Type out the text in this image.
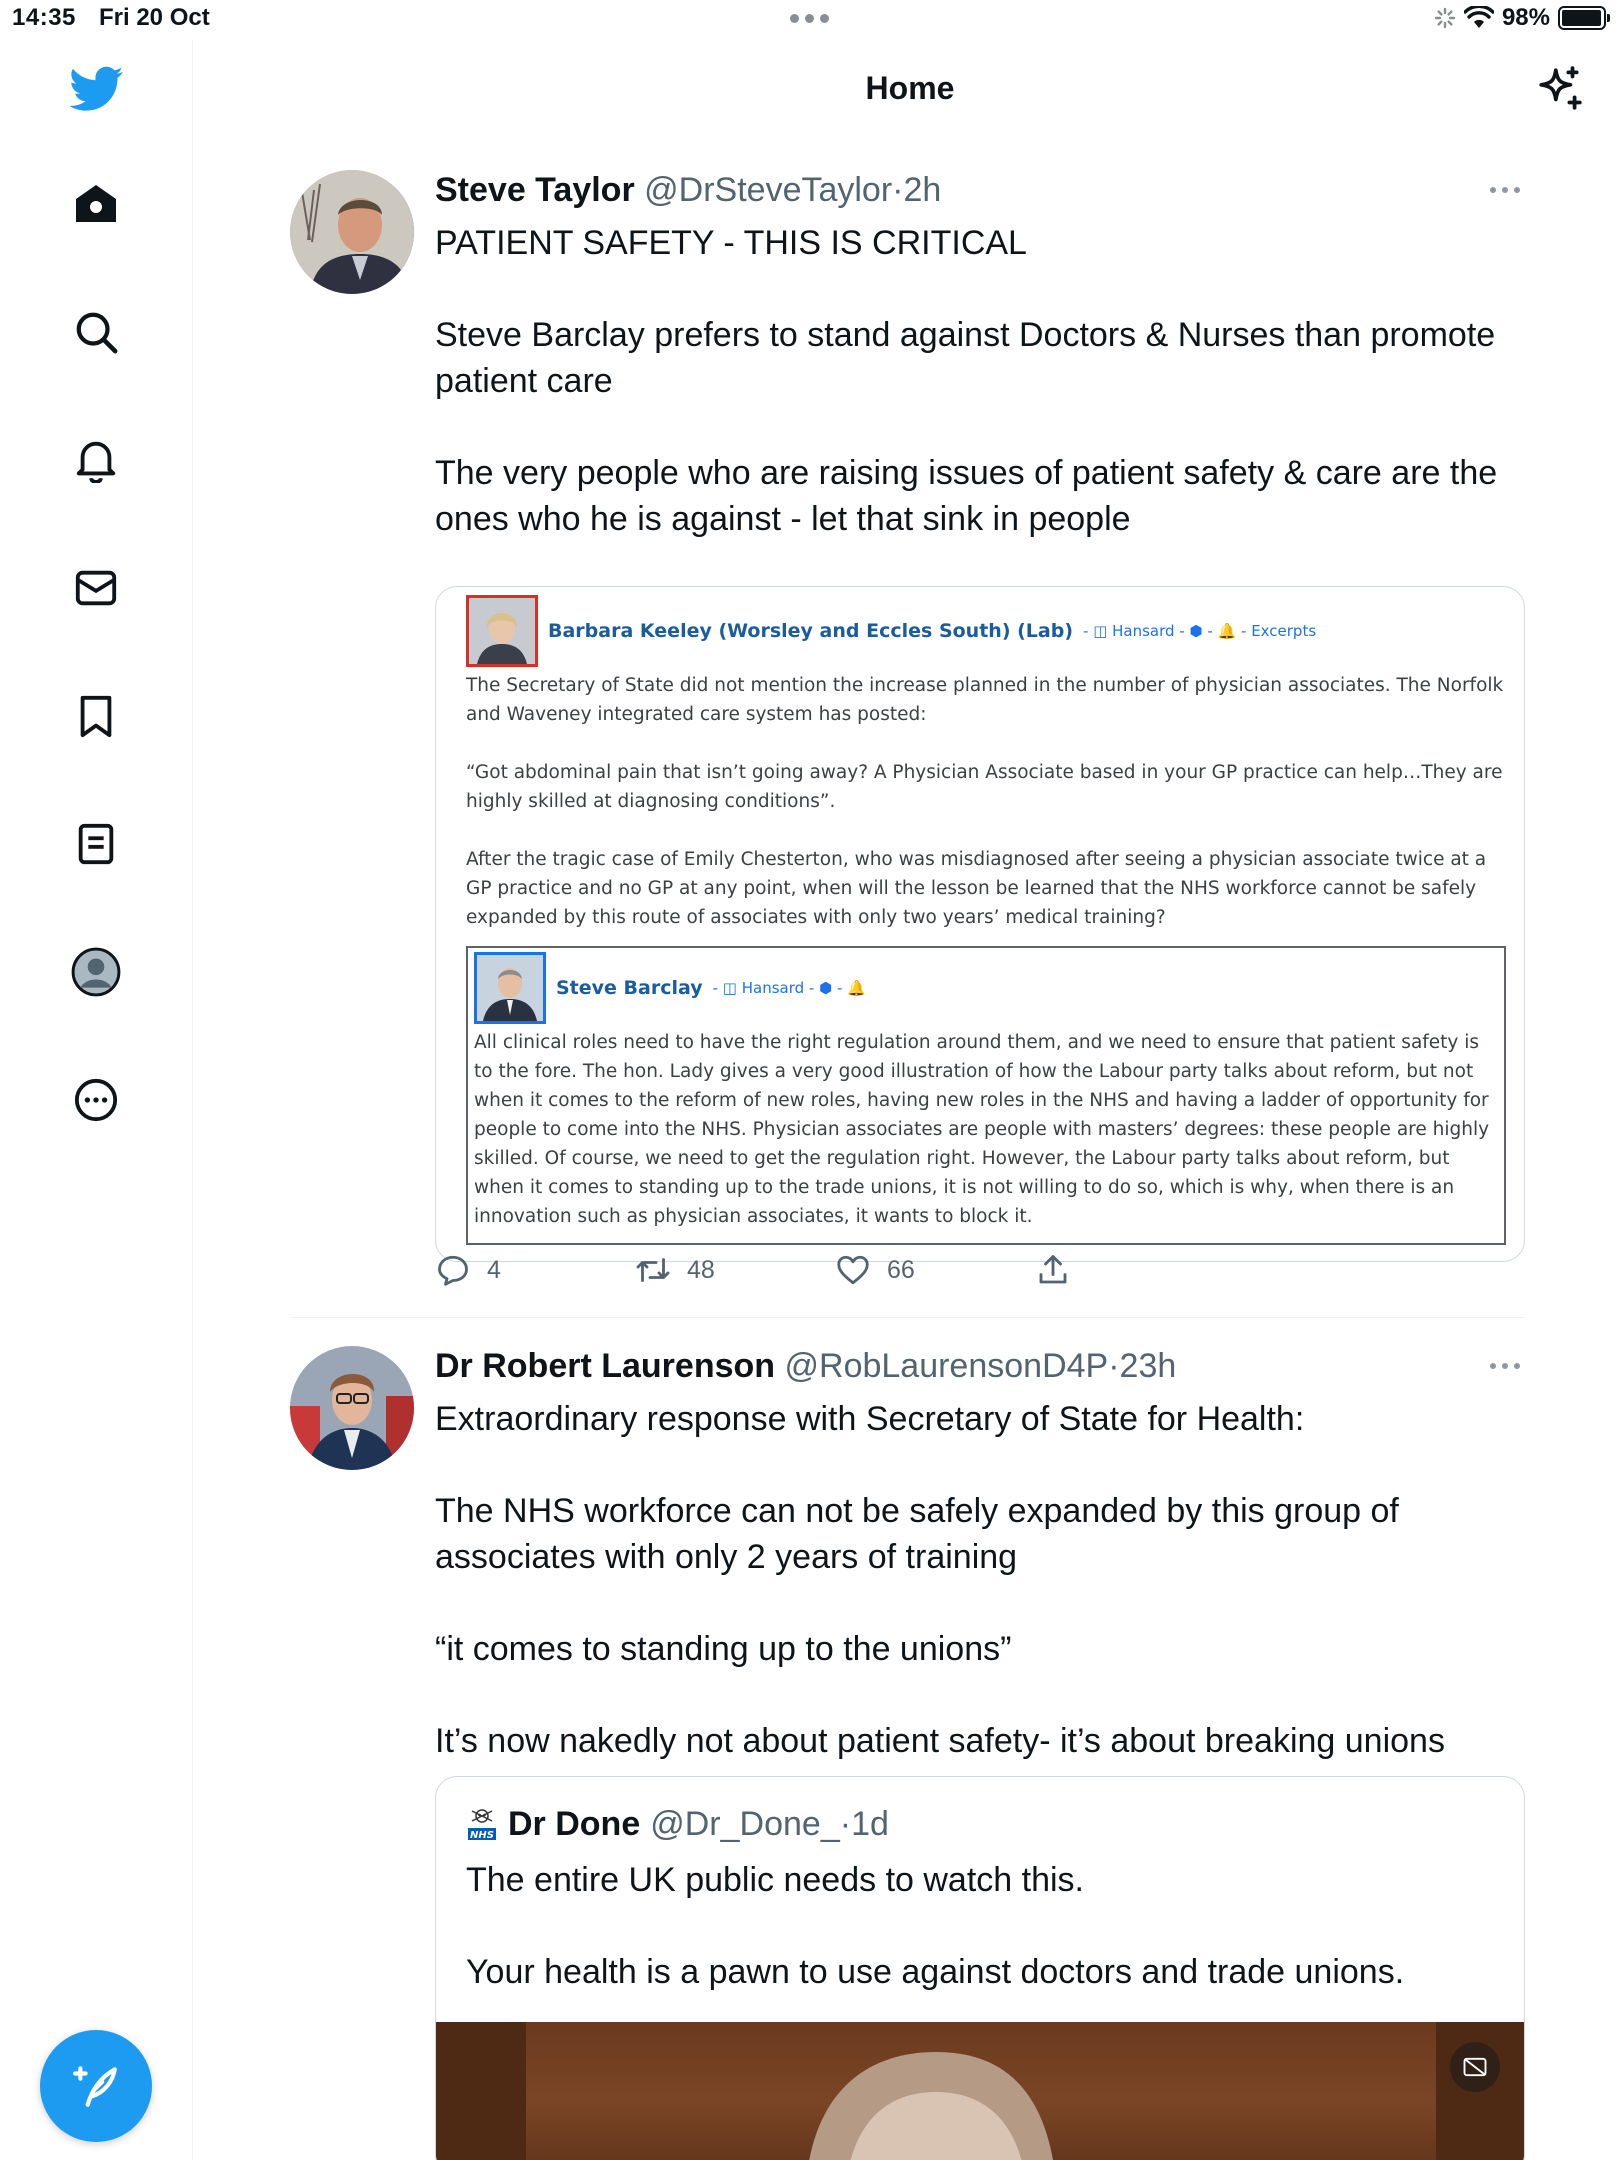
14:35 Fri 20 Oct	98%
Home
Steve Taylor @DrSteveTaylor·2h

PATIENT SAFETY - THIS IS CRITICAL

Steve Barclay prefers to stand against Doctors & Nurses than promote patient care

The very people who are raising issues of patient safety & care are the ones who he is against - let that sink in people

Barbara Keeley (Worsley and Eccles South) (Lab) - ◫ Hansard - ⬢ - 🔔 - Excerpts

The Secretary of State did not mention the increase planned in the number of physician associates. The Norfolk and Waveney integrated care system has posted:

“Got abdominal pain that isn’t going away? A Physician Associate based in your GP practice can help…They are highly skilled at diagnosing conditions”.

After the tragic case of Emily Chesterton, who was misdiagnosed after seeing a physician associate twice at a GP practice and no GP at any point, when will the lesson be learned that the NHS workforce cannot be safely expanded by this route of associates with only two years’ medical training?

Steve Barclay - ◫ Hansard - ⬢ - 🔔
All clinical roles need to have the right regulation around them, and we need to ensure that patient safety is to the fore. The hon. Lady gives a very good illustration of how the Labour party talks about reform, but not when it comes to the reform of new roles, having new roles in the NHS and having a ladder of opportunity for people to come into the NHS. Physician associates are people with masters’ degrees: these people are highly skilled. Of course, we need to get the regulation right. However, the Labour party talks about reform, but when it comes to standing up to the trade unions, it is not willing to do so, which is why, when there is an innovation such as physician associates, it wants to block it.
4	48	66
Dr Robert Laurenson @RobLaurensonD4P·23h

Extraordinary response with Secretary of State for Health:

The NHS workforce can not be safely expanded by this group of associates with only 2 years of training

“it comes to standing up to the unions”

It’s now nakedly not about patient safety- it’s about breaking unions

NHS Dr Done @Dr_Done_·1d

The entire UK public needs to watch this.

Your health is a pawn to use against doctors and trade unions.
